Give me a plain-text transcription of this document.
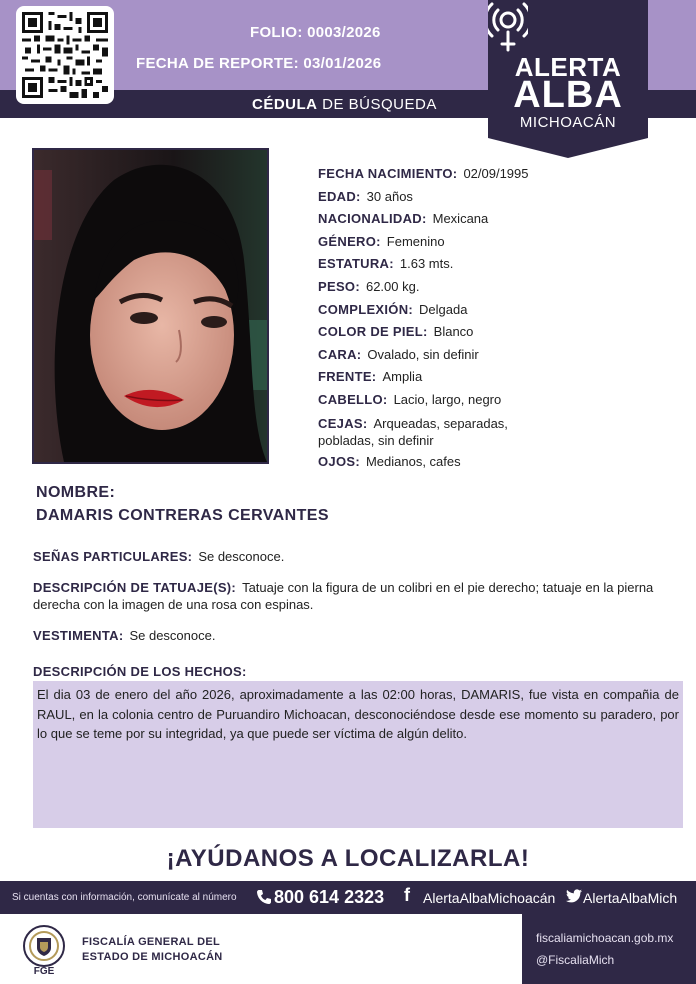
FOLIO: 0003/2026
FECHA DE REPORTE: 03/01/2026
CÉDULA DE BÚSQUEDA
ALERTA
ALBA
MICHOACÁN
FECHA NACIMIENTO: 02/09/1995
EDAD: 30 años
NACIONALIDAD: Mexicana
GÉNERO: Femenino
ESTATURA: 1.63 mts.
PESO: 62.00 kg.
COMPLEXIÓN: Delgada
COLOR DE PIEL: Blanco
CARA: Ovalado, sin definir
FRENTE: Amplia
CABELLO: Lacio, largo, negro
CEJAS: Arqueadas, separadas, pobladas, sin definir
OJOS: Medianos, cafes
NOMBRE:
DAMARIS CONTRERAS CERVANTES
SEÑAS PARTICULARES: Se desconoce.
DESCRIPCIÓN DE TATUAJE(S): Tatuaje con la figura de un colibri en el pie derecho; tatuaje en la pierna derecha con la imagen de una rosa con espinas.
VESTIMENTA: Se desconoce.
DESCRIPCIÓN DE LOS HECHOS:
El dia 03 de enero del año 2026, aproximadamente a las 02:00 horas, DAMARIS, fue vista en compañia de RAUL, en la colonia centro de Puruandiro Michoacan, desconociéndose desde ese momento su paradero, por lo que se teme por su integridad, ya que puede ser víctima de algún delito.
¡AYÚDANOS A LOCALIZARLA!
Si cuentas con información, comunícate al número 800 614 2323 f AlertaAlbaMichoacán AlertaAlbaMich
FGE
FISCALÍA GENERAL DEL
ESTADO DE MICHOACÁN
fiscaliamichoacan.gob.mx
@FiscaliaMich
